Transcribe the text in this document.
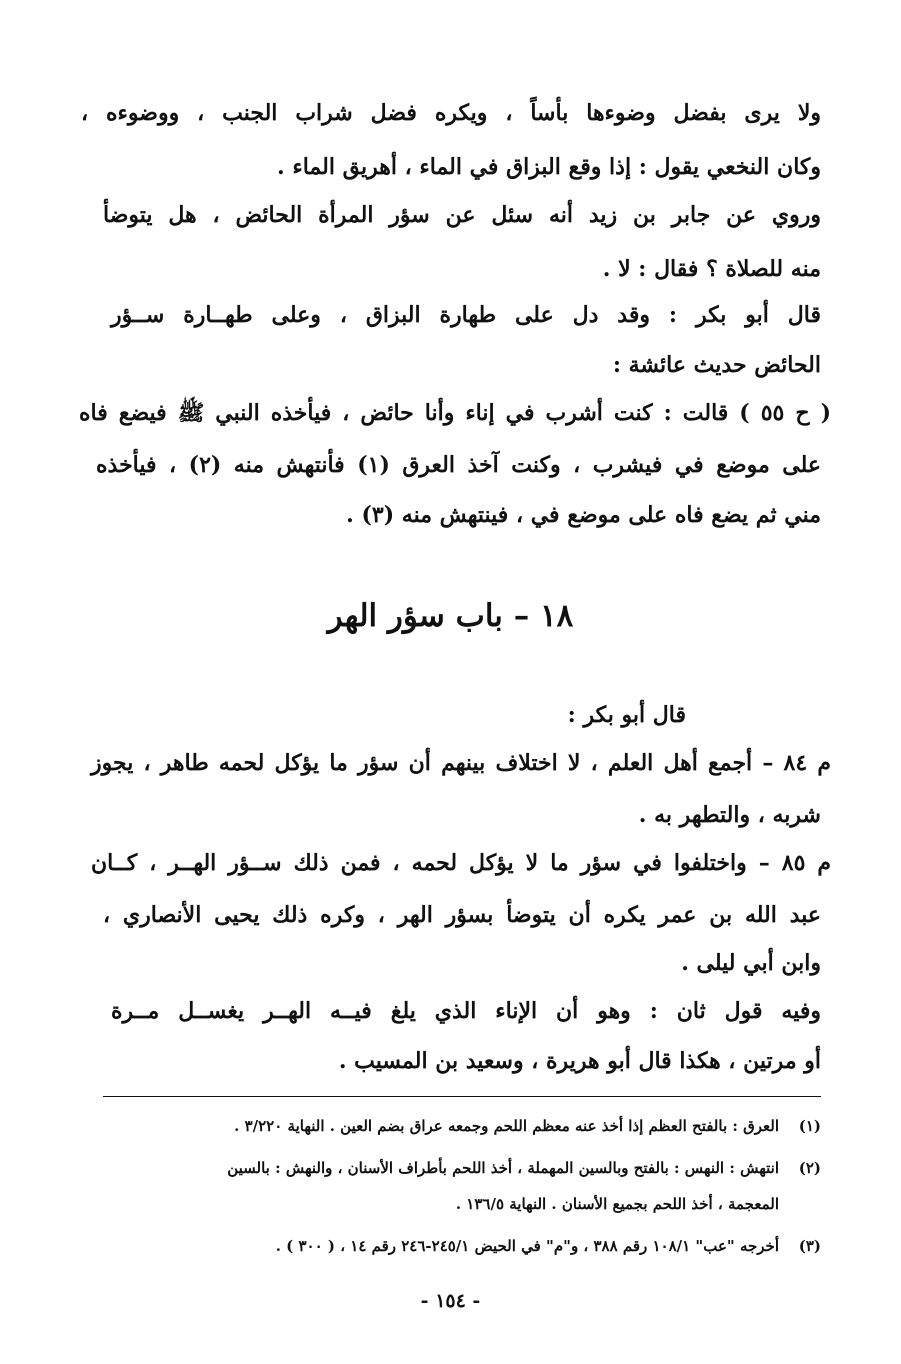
ولا يرى بفضل وضوءها بأساً ، ويكره فضل شراب الجنب ، ووضوءه ،
وكان النخعي يقول : إذا وقع البزاق في الماء ، أهريق الماء .
وروي عن جابر بن زيد أنه سئل عن سؤر المرأة الحائض ، هل يتوضأ
منه للصلاة ؟ فقال : لا .
قال أبو بكر : وقد دل على طهارة البزاق ، وعلى طهــارة ســؤر
الحائض حديث عائشة :
( ح ٥٥ ) قالت : كنت أشرب في إناء وأنا حائض ، فيأخذه النبي ﷺ فيضع فاه
على موضع في فيشرب ، وكنت آخذ العرق (١) فأنتهش منه (٢) ، فيأخذه
مني ثم يضع فاه على موضع في ، فينتهش منه (٣) .
١٨ – باب سؤر الهر
قال أبو بكر :
م ٨٤ – أجمع أهل العلم ، لا اختلاف بينهم أن سؤر ما يؤكل لحمه طاهر ، يجوز
شربه ، والتطهر به .
م ٨٥ – واختلفوا في سؤر ما لا يؤكل لحمه ، فمن ذلك ســؤر الهــر ، كــان
عبد الله بن عمر يكره أن يتوضأ بسؤر الهر ، وكره ذلك يحيى الأنصاري ،
وابن أبي ليلى .
وفيه قول ثان : وهو أن الإناء الذي يلغ فيــه الهــر يغســل مــرة
أو مرتين ، هكذا قال أبو هريرة ، وسعيد بن المسيب .
(١)العرق : بالفتح العظم إذا أخذ عنه معظم اللحم وجمعه عراق بضم العين . النهاية ٣/٢٢٠ .
(٢)انتهش : النهس : بالفتح وبالسين المهملة ، أخذ اللحم بأطراف الأسنان ، والنهش : بالسين
المعجمة ، أخذ اللحم بجميع الأسنان . النهاية ١٣٦/٥ .
(٣)أخرجه "عب" ١٠٨/١ رقم ٣٨٨ ، و"م" في الحيض ٢٤٥/١-٢٤٦ رقم ١٤ ، ( ٣٠٠ ) .
- ١٥٤ -
